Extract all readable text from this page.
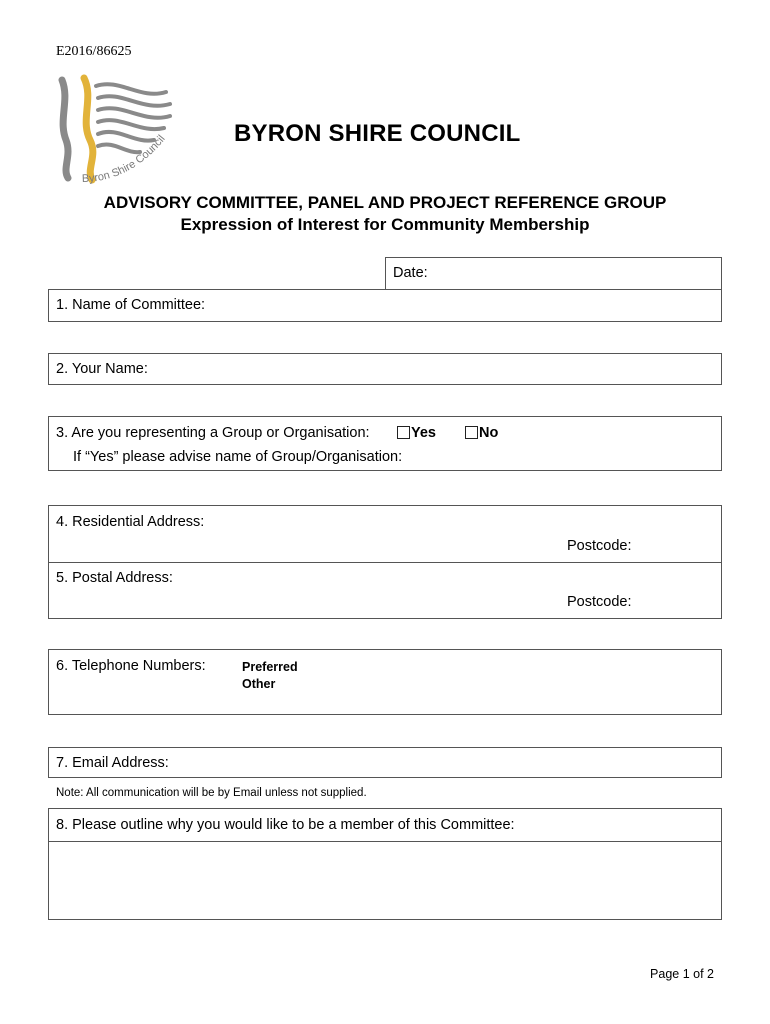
E2016/86625
Byron Shire Council	BYRON SHIRE COUNCIL
ADVISORY COMMITTEE, PANEL AND PROJECT REFERENCE GROUP
Expression of Interest for Community Membership
Date:
1. Name of Committee:
2. Your Name:
3. Are you representing a Group or Organisation:	Yes	No
If “Yes” please advise name of Group/Organisation:
4. Residential Address:
Postcode:
5. Postal Address:
Postcode:
6. Telephone Numbers:	Preferred
Other
7. Email Address:
Note: All communication will be by Email unless not supplied.
8. Please outline why you would like to be a member of this Committee:
Page 1 of 2
